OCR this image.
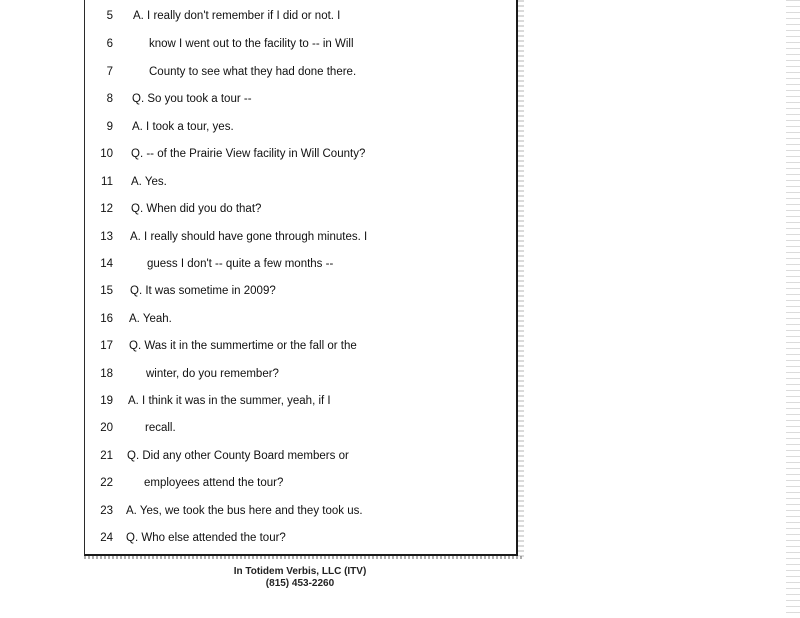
5 A. I really don't remember if I did or not. I
6	know I went out to the facility to -- in Will
7	County to see what they had done there.
8 Q. So you took a tour --
9 A. I took a tour, yes.
10 Q. -- of the Prairie View facility in Will County?
11 A. Yes.
12 Q. When did you do that?
13 A. I really should have gone through minutes. I
14	guess I don't -- quite a few months --
15 Q. It was sometime in 2009?
16 A. Yeah.
17 Q. Was it in the summertime or the fall or the
18	winter, do you remember?
19 A. I think it was in the summer, yeah, if I
20	recall.
21 Q. Did any other County Board members or
22	employees attend the tour?
23 A. Yes, we took the bus here and they took us.
24 Q. Who else attended the tour?
In Totidem Verbis, LLC (ITV)
(815) 453-2260
